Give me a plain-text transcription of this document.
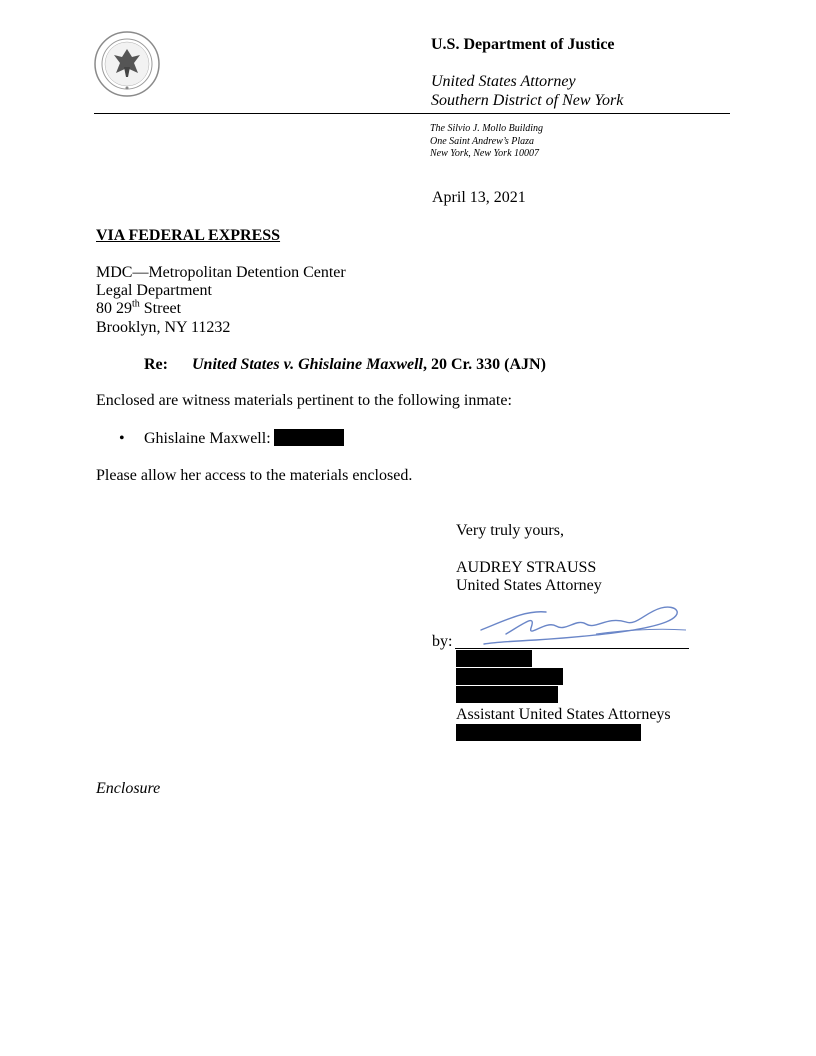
U.S. Department of Justice
United States Attorney
Southern District of New York
The Silvio J. Mollo Building
One Saint Andrew’s Plaza
New York, New York 10007
April 13, 2021
VIA FEDERAL EXPRESS
MDC—Metropolitan Detention Center
Legal Department
80 29th Street
Brooklyn, NY 11232
Re: United States v. Ghislaine Maxwell, 20 Cr. 330 (AJN)
Enclosed are witness materials pertinent to the following inmate:
• Ghislaine Maxwell:
Please allow her access to the materials enclosed.
Very truly yours,
AUDREY STRAUSS
United States Attorney
by:
Assistant United States Attorneys
Enclosure
